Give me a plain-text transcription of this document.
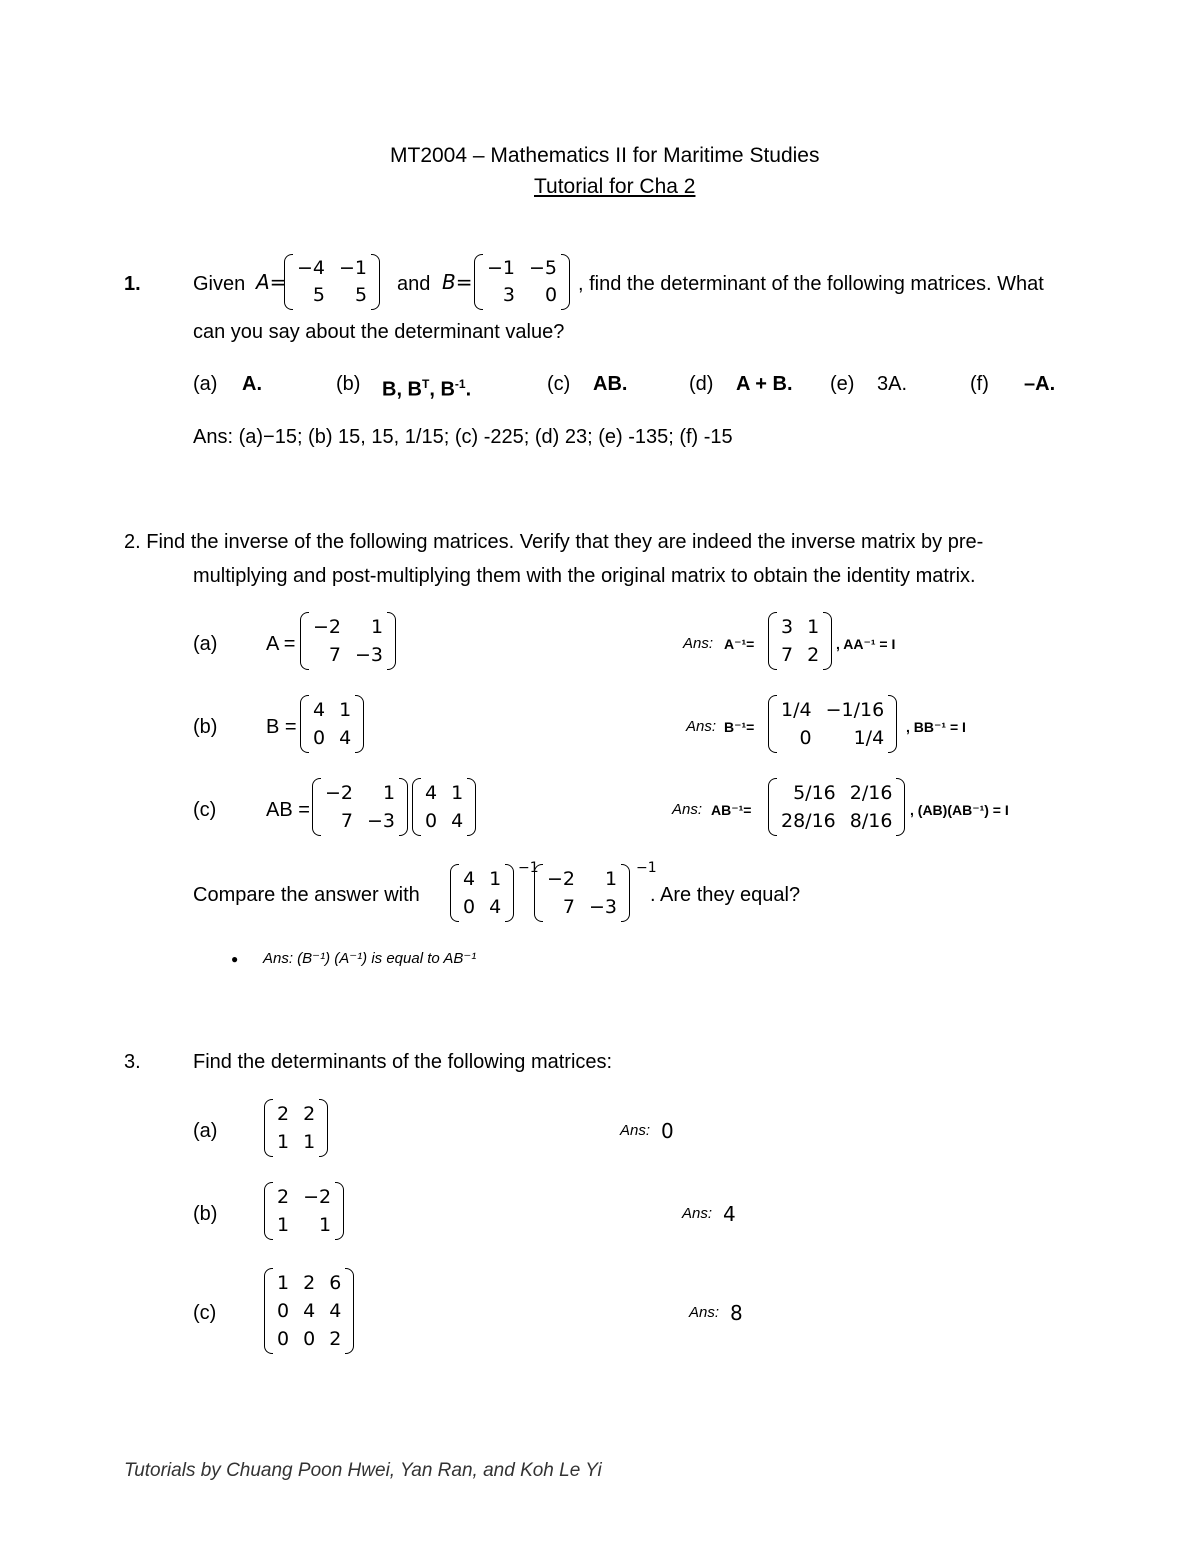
MT2004 – Mathematics II for Maritime Studies
Tutorial for Cha 2
1.	Given A=
−4 −1
5	5 and B=
−1 −5
3	0 , find the determinant of the following matrices. What
can you say about the determinant value?
(a) A.	(b) B, $B^T$, $B^{-1}$.	(c) AB.	(d) A + B. (e) 3A.	(f) –A.
Ans: (a)−15; (b) 15, 15, 1/15; (c) -225; (d) 23; (e) -135; (f) -15
2. Find the inverse of the following matrices. Verify that they are indeed the inverse matrix by pre-
multiplying and post-multiplying them with the original matrix to obtain the identity matrix.
(a) A =
−2	1
7 −3
Ans: A⁻¹=
3 1
7 2 , AA⁻¹ = I
(b) B =
4 1
0 4
Ans: B⁻¹=
1/4 −1/16
0	1/4 , BB⁻¹ = I
(c) AB =
−2	1
7 −3
4 1
0 4
Ans: AB⁻¹=
5/16 2/16
28/16 8/16 , (AB)(AB⁻¹) = I
Compare the answer with
4 1
0 4
−1 −2	1
7 −3
−1
. Are they equal?
● Ans: (B⁻¹) (A⁻¹) is equal to AB⁻¹
3.	Find the determinants of the following matrices:
(a)
2 2
1 1
Ans: 0
(b)
2 −2
1	1
Ans: 4
(c)
1 2 6
0 4 4
0 0 2
Ans: 8
Tutorials by Chuang Poon Hwei, Yan Ran, and Koh Le Yi
